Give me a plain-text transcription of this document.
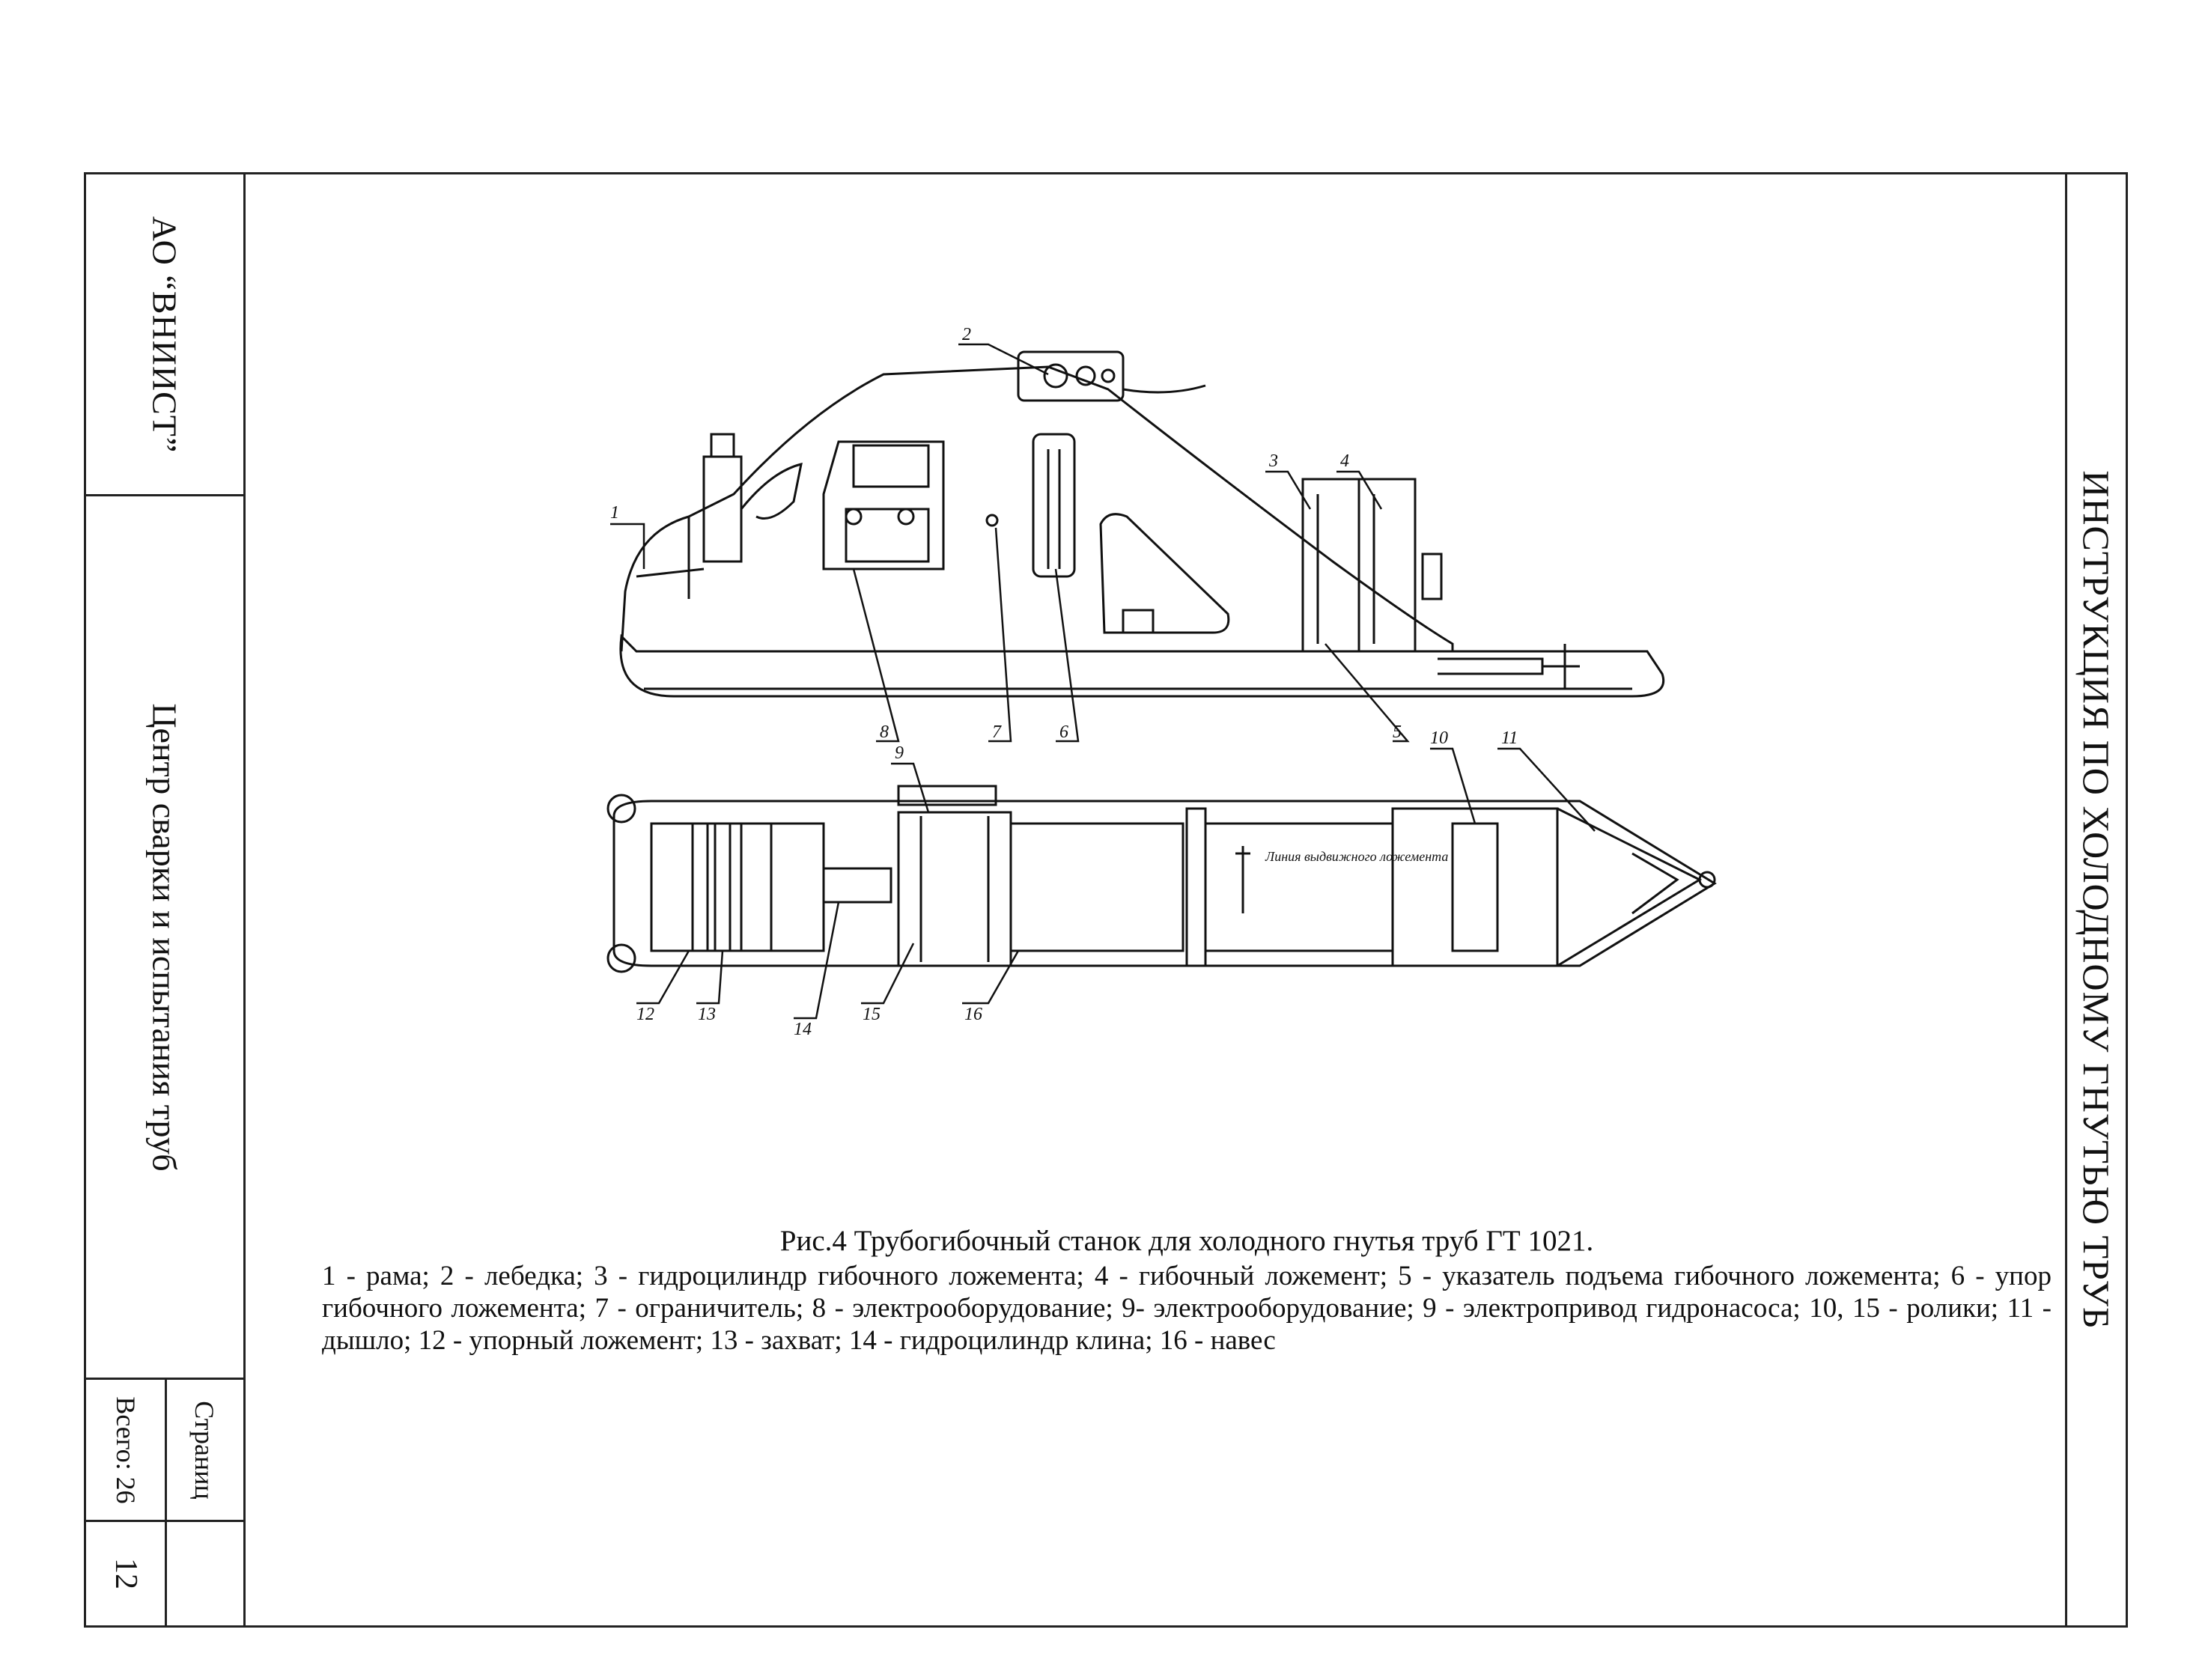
АО “ВНИИСТ”
Центр сварки и испытания труб
Всего: 26 Страниц
12
ИНСТРУКЦИЯ ПО ХОЛОДНОМУ ГНУТЬЮ ТРУБ
Линия выдвижного ложемента
1
2
3	4
5
6
7
8
9
10	11
12 13
14
15	16

Рис.4 Трубогибочный станок для холодного гнутья труб ГТ 1021.

1 - рама; 2 - лебедка; 3 - гидроцилиндр гибочного ложемента; 4 - гибочный ложемент; 5 - указатель подъема гибочного ложемента; 6 - упор гибочного ложемента; 7 - ограничитель; 8 - электрооборудование; 9- электрооборудование; 9 - электропривод гидронасоса; 10, 15 - ролики; 11 - дышло; 12 - упорный ложемент; 13 - захват; 14 - гидроцилиндр клина; 16 - навес
